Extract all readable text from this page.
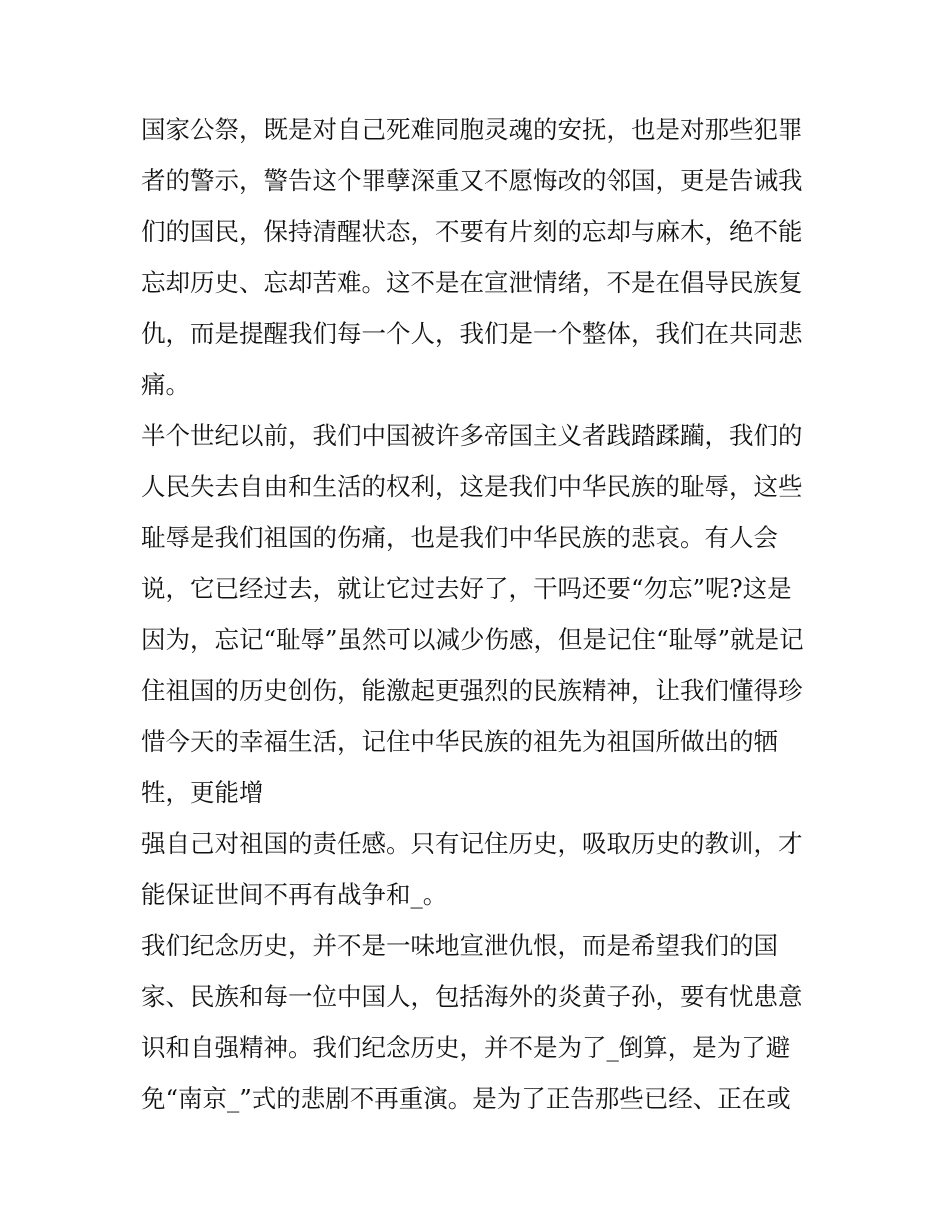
国家公祭，既是对自己死难同胞灵魂的安抚，也是对那些犯罪
者的警示，警告这个罪孽深重又不愿悔改的邻国，更是告诫我
们的国民，保持清醒状态，不要有片刻的忘却与麻木，绝不能
忘却历史、忘却苦难。这不是在宣泄情绪，不是在倡导民族复
仇，而是提醒我们每一个人，我们是一个整体，我们在共同悲
痛。
半个世纪以前，我们中国被许多帝国主义者践踏蹂躏，我们的
人民失去自由和生活的权利，这是我们中华民族的耻辱，这些
耻辱是我们祖国的伤痛，也是我们中华民族的悲哀。有人会
说，它已经过去，就让它过去好了，干吗还要“勿忘”呢?这是
因为，忘记“耻辱”虽然可以减少伤感，但是记住“耻辱”就是记
住祖国的历史创伤，能激起更强烈的民族精神，让我们懂得珍
惜今天的幸福生活，记住中华民族的祖先为祖国所做出的牺
牲，更能增
强自己对祖国的责任感。只有记住历史，吸取历史的教训，才
能保证世间不再有战争和_。
我们纪念历史，并不是一味地宣泄仇恨，而是希望我们的国
家、民族和每一位中国人，包括海外的炎黄子孙，要有忧患意
识和自强精神。我们纪念历史，并不是为了_倒算，是为了避
免“南京_”式的悲剧不再重演。是为了正告那些已经、正在或
